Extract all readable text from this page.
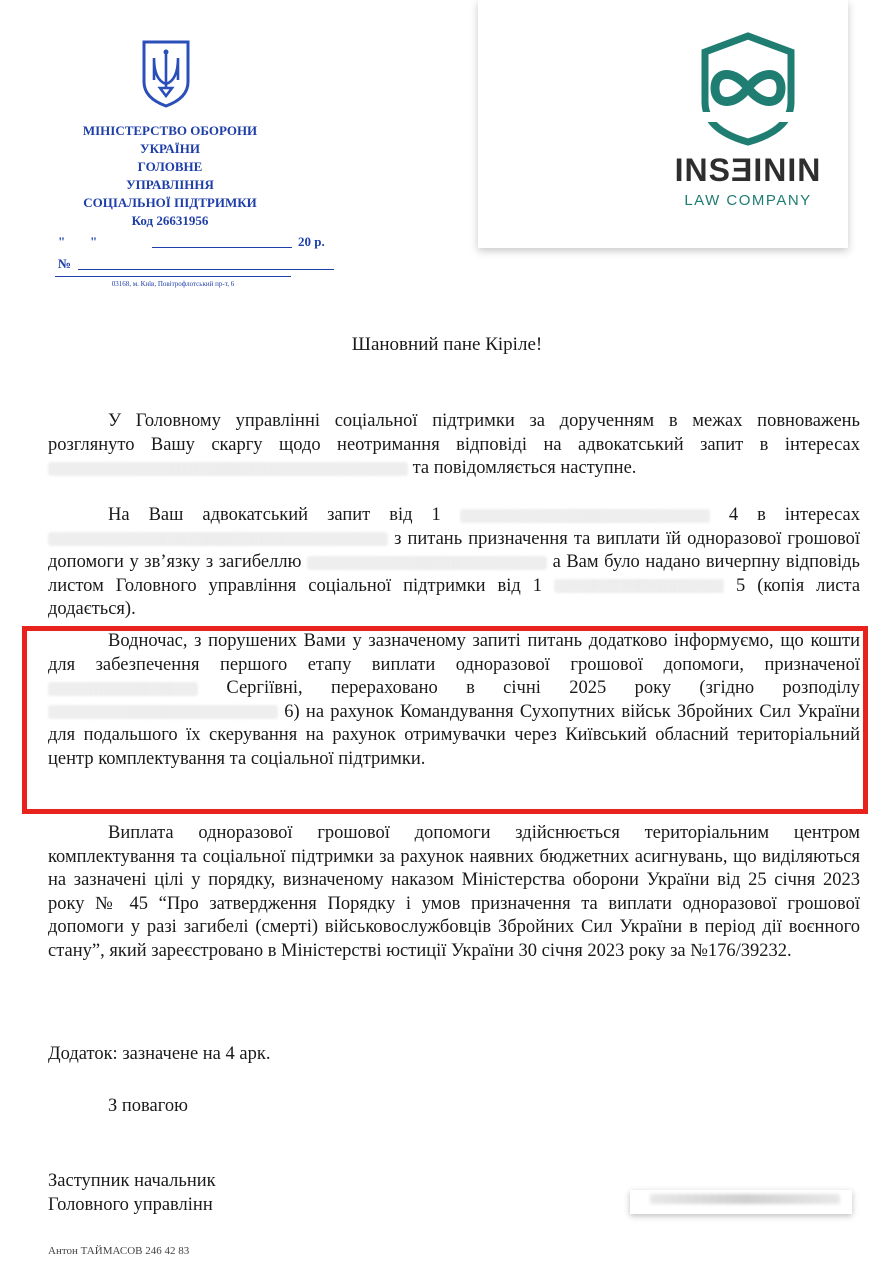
МІНІСТЕРСТВО ОБОРОНИ
УКРАЇНИ
ГОЛОВНЕ
УПРАВЛІННЯ
СОЦІАЛЬНОЇ ПІДТРИМКИ
Код 26631956
" "	20 р.
№
03168, м. Київ, Повітрофлотський пр-т, 6
INSƎININ
LAW COMPANY
Шановний пане Кіріле!
У Головному управлінні соціальної підтримки за дорученням в межах повноважень розглянуто Вашу скаргу щодо неотримання відповіді на адвокатський запит в інтересах  та повідомляється наступне.
На Ваш адвокатський запит від 1	4 в інтересах  з питань призначення та виплати їй одноразової грошової допомоги у зв’язку з загибеллю	а Вам було надано вичерпну відповідь листом Головного управління соціальної підтримки від 1	5 (копія листа додається).
Водночас, з порушених Вами у зазначеному запиті питань додатково інформуємо, що кошти для забезпечення першого етапу виплати одноразової грошової допомоги, призначеної  Сергіївні, перераховано в січні 2025 року (згідно розподілу  6) на рахунок Командування Сухопутних військ Збройних Сил України для подальшого їх скерування на рахунок отримувачки через Київський обласний територіальний центр комплектування та соціальної підтримки.
Виплата одноразової грошової допомоги здійснюється територіальним центром комплектування та соціальної підтримки за рахунок наявних бюджетних асигнувань, що виділяються на зазначені цілі у порядку, визначеному наказом Міністерства оборони України від 25 січня 2023 року № 45 “Про затвердження Порядку і умов призначення та виплати одноразової грошової допомоги у разі загибелі (смерті) військовослужбовців Збройних Сил України в період дії воєнного стану”, який зареєстровано в Міністерстві юстиції України 30 січня 2023 року за №176/39232.
Додаток: зазначене на 4 арк.
З повагою
Заступник начальник
Головного управлінн
Антон ТАЙМАСОВ 246 42 83
